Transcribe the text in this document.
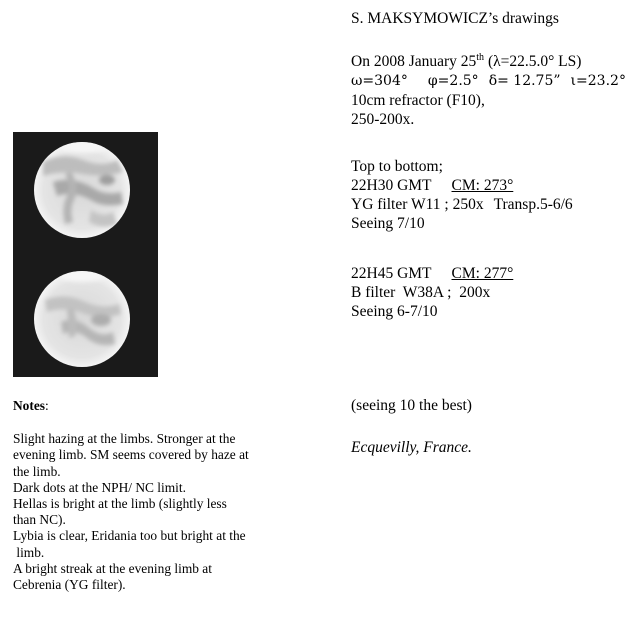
S. MAKSYMOWICZ’s drawings

On 2008 January 25th (λ=22.5.0° LS)

ω=304° φ=2.5° δ= 12.75” ι=23.2°

10cm refractor (F10),

250-200x.

Top to bottom;

22H30 GMT CM: 273°

YG filter W11 ; 250x Transp.5-6/6

Seeing 7/10

22H45 GMT CM: 277°

B filter  W38A ;  200x

Seeing 6-7/10

(seeing 10 the best)

Ecquevilly, France.

Notes:

Slight hazing at the limbs. Stronger at the

evening limb. SM seems covered by haze at

the limb.

Dark dots at the NPH/ NC limit.

Hellas is bright at the limb (slightly less

than NC).

Lybia is clear, Eridania too but bright at the

limb.

A bright streak at the evening limb at

Cebrenia (YG filter).
